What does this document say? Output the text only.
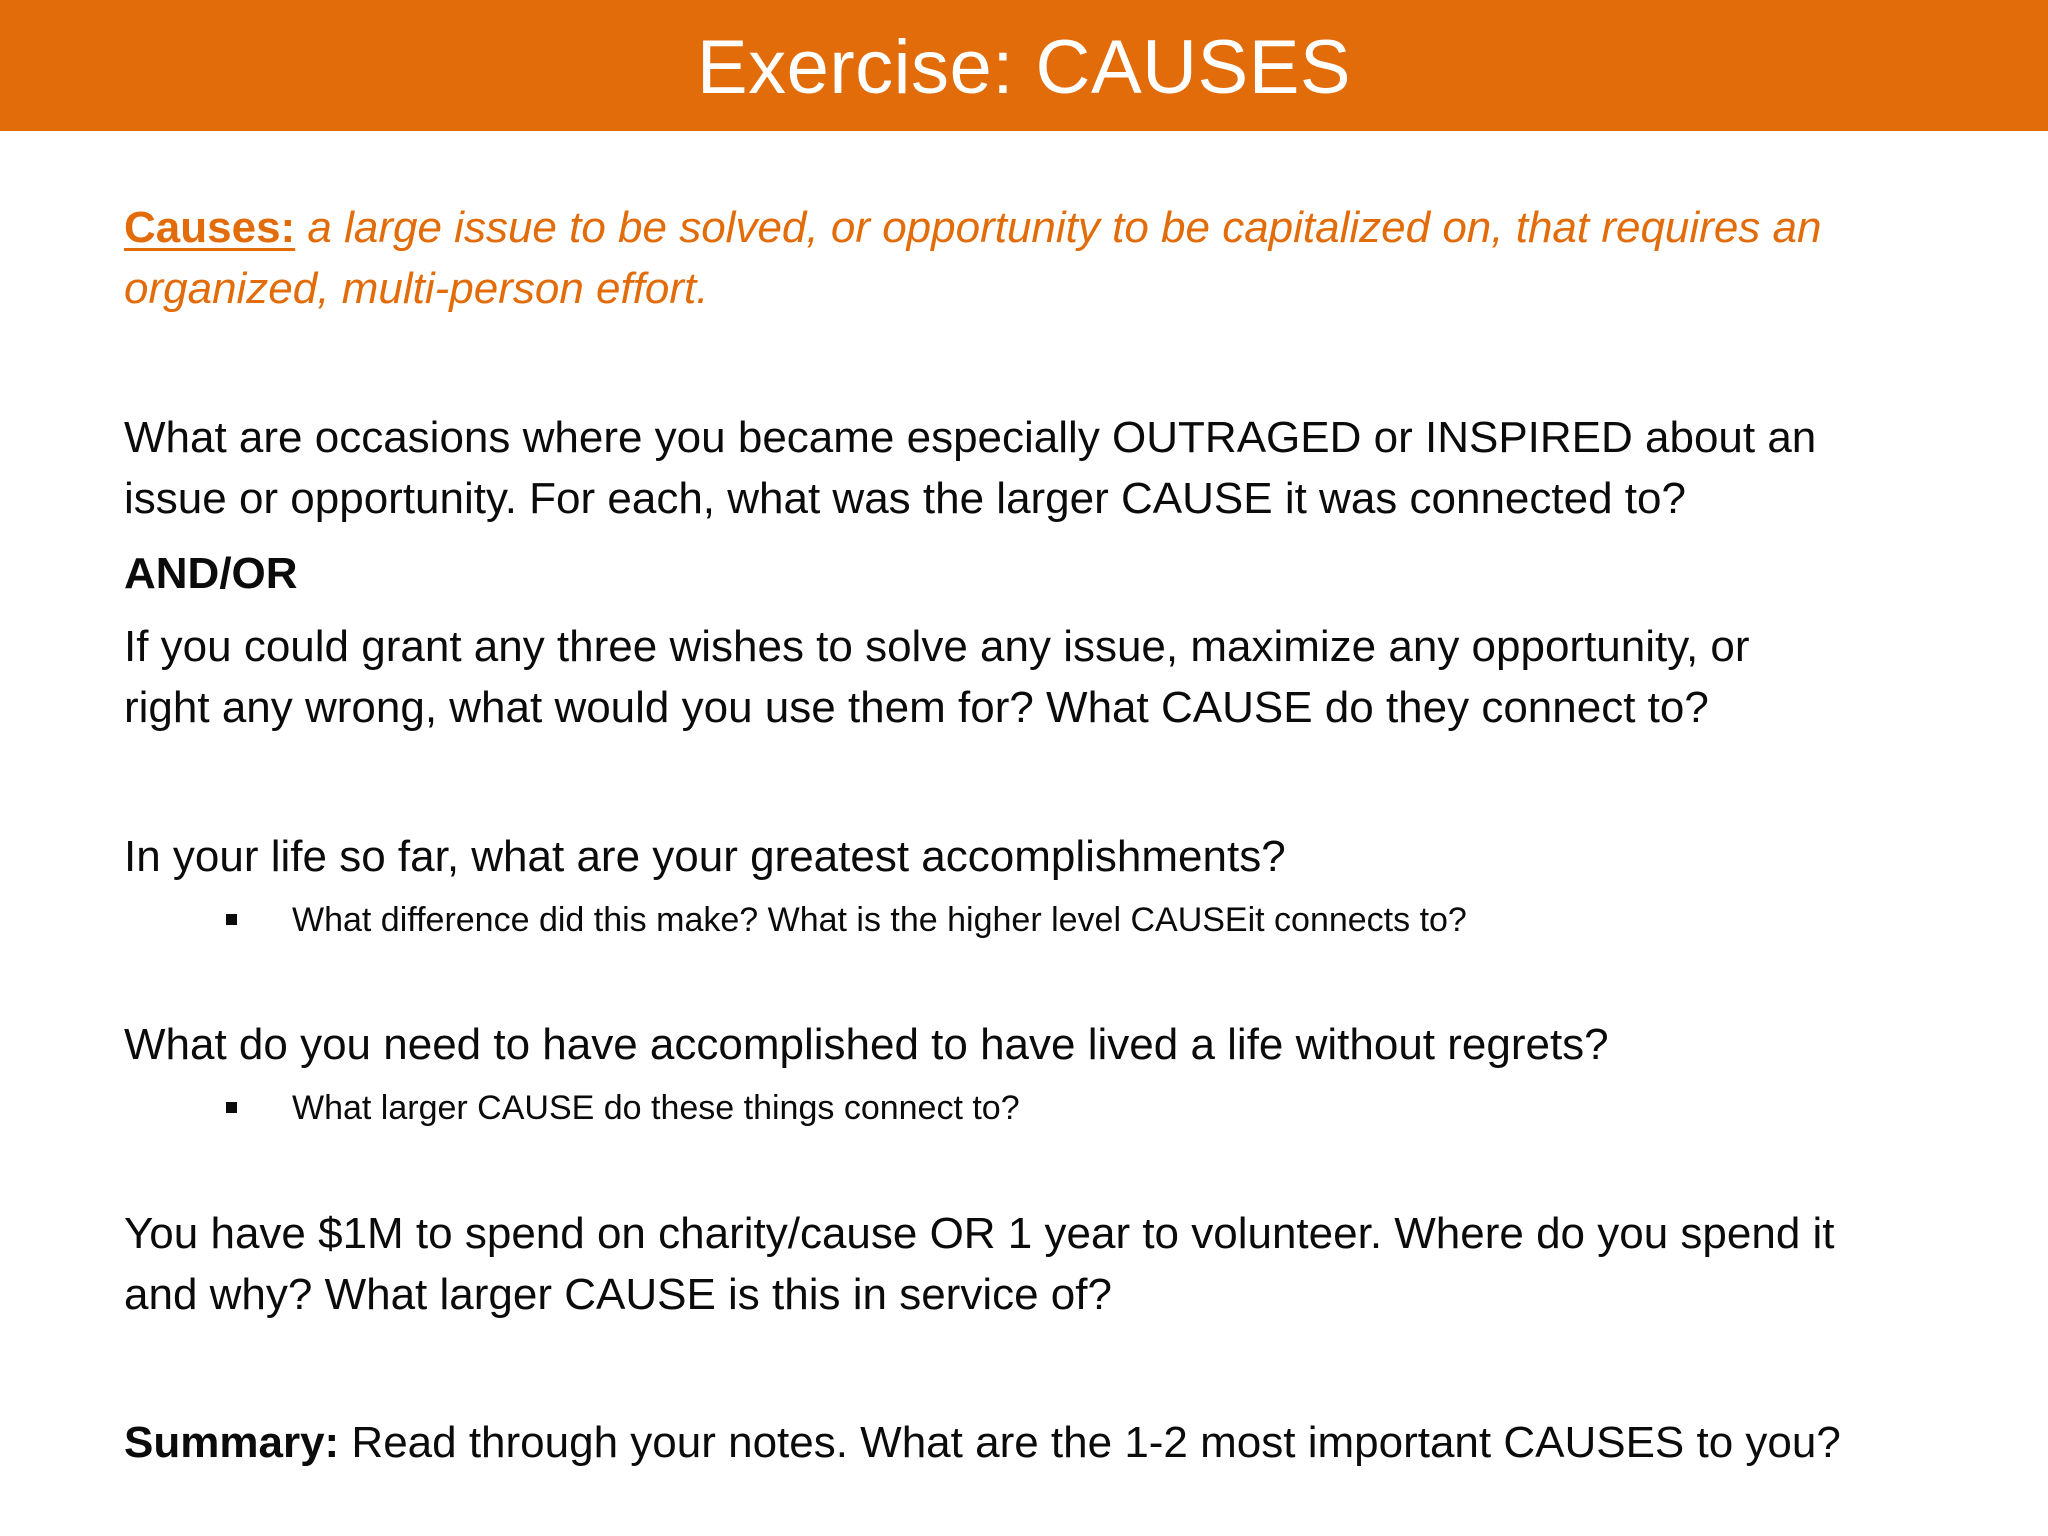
Exercise: CAUSES
Causes: a large issue to be solved, or opportunity to be capitalized on, that requires an
organized, multi-person effort.
What are occasions where you became especially OUTRAGED or INSPIRED about an
issue or opportunity. For each, what was the larger CAUSE it was connected to?
AND/OR
If you could grant any three wishes to solve any issue, maximize any opportunity, or
right any wrong, what would you use them for? What CAUSE do they connect to?
In your life so far, what are your greatest accomplishments?
What difference did this make? What is the higher level CAUSEit connects to?
What do you need to have accomplished to have lived a life without regrets?
What larger CAUSE do these things connect to?
You have $1M to spend on charity/cause OR 1 year to volunteer. Where do you spend it
and why? What larger CAUSE is this in service of?
Summary: Read through your notes. What are the 1-2 most important CAUSES to you?
